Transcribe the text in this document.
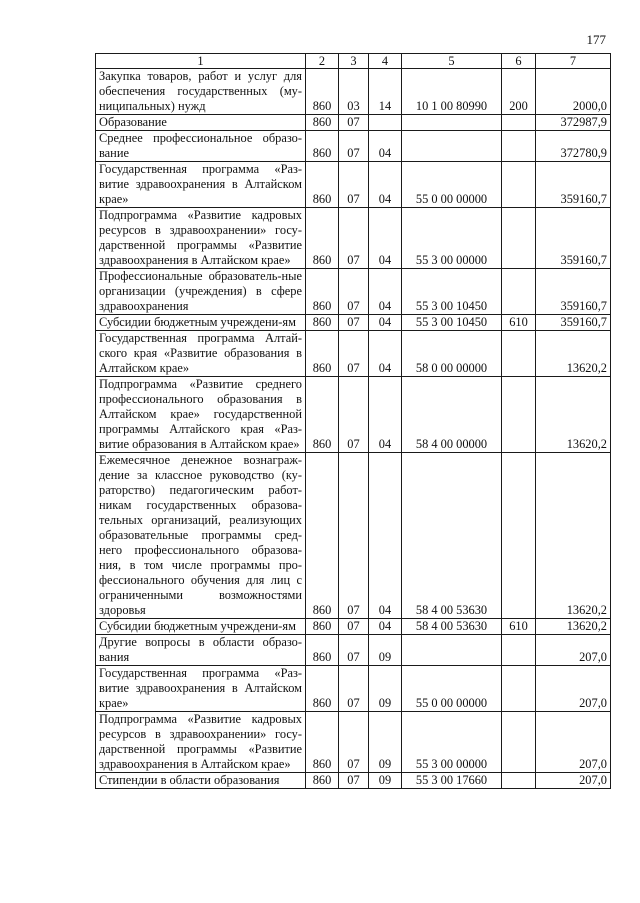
177
1	2	3	4	5	6	7
Закупка товаров, работ и услуг для обеспечения государственных (му-ниципальных) нужд	860	03	14	10 1 00 80990	200	2000,0
Образование	860	07				372987,9
Среднее профессиональное образо-вание	860	07	04			372780,9
Государственная программа «Раз-витие здравоохранения в Алтайском крае»	860	07	04	55 0 00 00000		359160,7
Подпрограмма «Развитие кадровых ресурсов в здравоохранении» госу-дарственной программы «Развитие здравоохранения в Алтайском крае»	860	07	04	55 3 00 00000		359160,7
Профессиональные образователь-ные организации (учреждения) в сфере здравоохранения	860	07	04	55 3 00 10450		359160,7
Субсидии бюджетным учреждени-ям	860	07	04	55 3 00 10450	610	359160,7
Государственная программа Алтай-ского края «Развитие образования в Алтайском крае»	860	07	04	58 0 00 00000		13620,2
Подпрограмма «Развитие среднего профессионального образования в Алтайском крае» государственной программы Алтайского края «Раз-витие образования в Алтайском крае»	860	07	04	58 4 00 00000		13620,2
Ежемесячное денежное вознаграж-дение за классное руководство (ку-раторство) педагогическим работ-никам государственных образова-тельных организаций, реализующих образовательные программы сред-него профессионального образова-ния, в том числе программы про-фессионального обучения для лиц с ограниченными возможностями здоровья	860	07	04	58 4 00 53630		13620,2
Субсидии бюджетным учреждени-ям	860	07	04	58 4 00 53630	610	13620,2
Другие вопросы в области образо-вания	860	07	09			207,0
Государственная программа «Раз-витие здравоохранения в Алтайском крае»	860	07	09	55 0 00 00000		207,0
Подпрограмма «Развитие кадровых ресурсов в здравоохранении» госу-дарственной программы «Развитие здравоохранения в Алтайском крае»	860	07	09	55 3 00 00000		207,0
Стипендии в области образования	860	07	09	55 3 00 17660		207,0
